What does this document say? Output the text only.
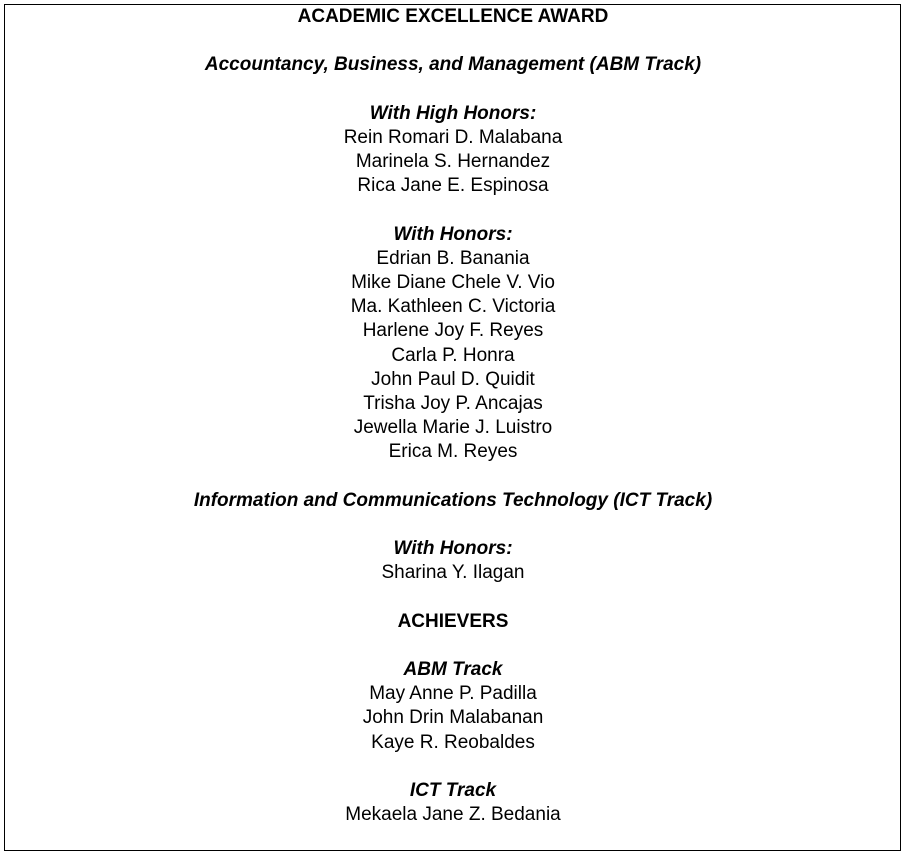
ACADEMIC EXCELLENCE AWARD
Accountancy, Business, and Management (ABM Track)
With High Honors:
Rein Romari D. Malabana
Marinela S. Hernandez
Rica Jane E. Espinosa
With Honors:
Edrian B. Banania
Mike Diane Chele V. Vio
Ma. Kathleen C. Victoria
Harlene Joy F. Reyes
Carla P. Honra
John Paul D. Quidit
Trisha Joy P. Ancajas
Jewella Marie J. Luistro
Erica M. Reyes
Information and Communications Technology (ICT Track)
With Honors:
Sharina Y. Ilagan
ACHIEVERS
ABM Track
May Anne P. Padilla
John Drin Malabanan
Kaye R. Reobaldes
ICT Track
Mekaela Jane Z. Bedania
